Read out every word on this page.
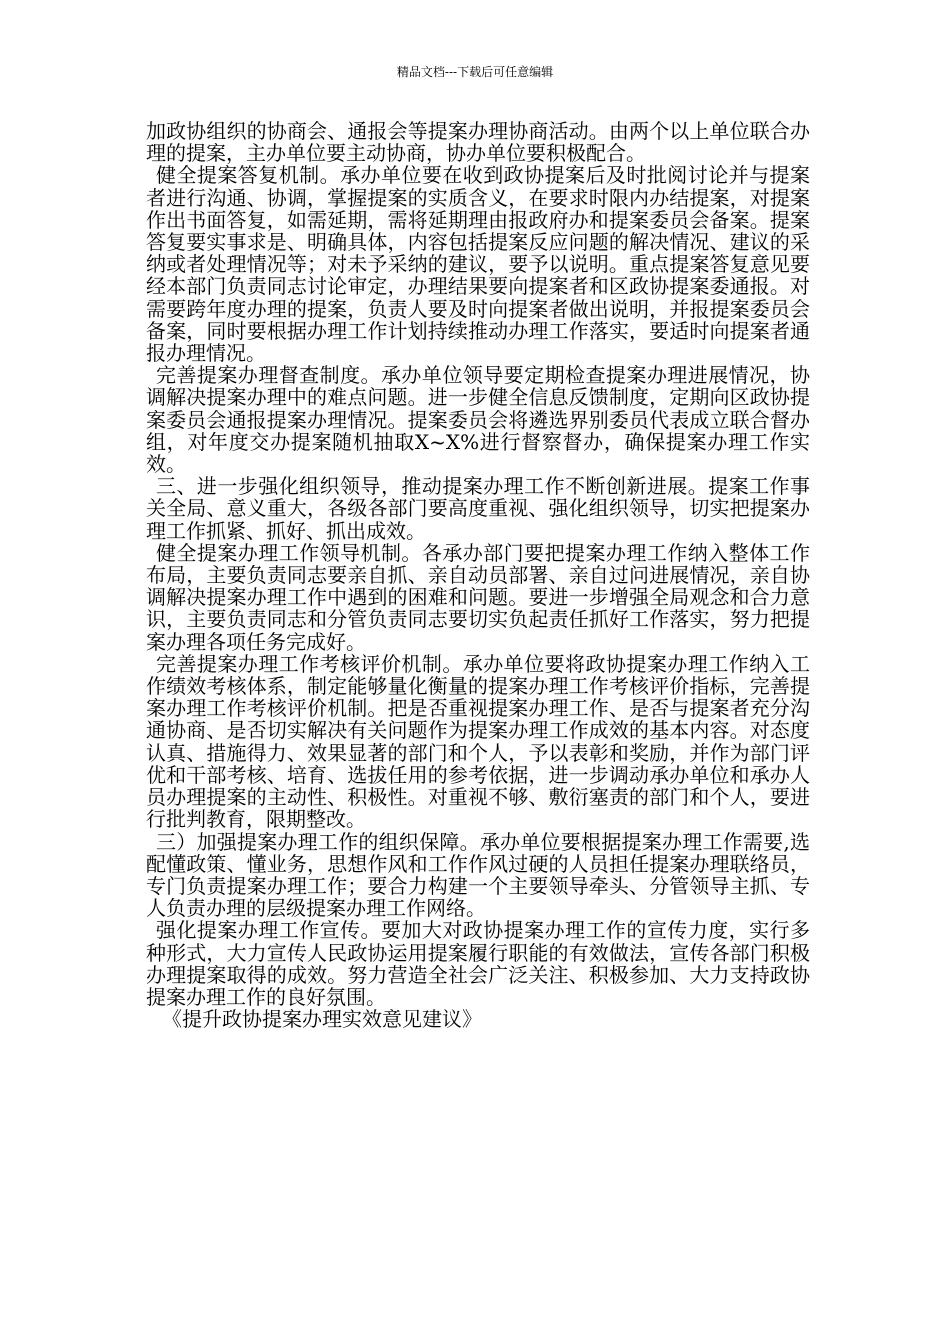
精品文档---下载后可任意编辑

加政协组织的协商会、通报会等提案办理协商活动。由两个以上单位联合办理的提案，主办单位要主动协商，协办单位要积极配合。

健全提案答复机制。承办单位要在收到政协提案后及时批阅讨论并与提案者进行沟通、协调，掌握提案的实质含义，在要求时限内办结提案，对提案作出书面答复，如需延期，需将延期理由报政府办和提案委员会备案。提案答复要实事求是、明确具体，内容包括提案反应问题的解决情况、建议的采纳或者处理情况等；对未予采纳的建议，要予以说明。重点提案答复意见要经本部门负责同志讨论审定，办理结果要向提案者和区政协提案委通报。对需要跨年度办理的提案，负责人要及时向提案者做出说明，并报提案委员会备案，同时要根据办理工作计划持续推动办理工作落实，要适时向提案者通报办理情况。

完善提案办理督查制度。承办单位领导要定期检查提案办理进展情况，协调解决提案办理中的难点问题。进一步健全信息反馈制度，定期向区政协提案委员会通报提案办理情况。提案委员会将遴选界别委员代表成立联合督办组，对年度交办提案随机抽取X~X%进行督察督办，确保提案办理工作实效。

三、进一步强化组织领导，推动提案办理工作不断创新进展。提案工作事关全局、意义重大，各级各部门要高度重视、强化组织领导，切实把提案办理工作抓紧、抓好、抓出成效。

健全提案办理工作领导机制。各承办部门要把提案办理工作纳入整体工作布局，主要负责同志要亲自抓、亲自动员部署、亲自过问进展情况，亲自协调解决提案办理工作中遇到的困难和问题。要进一步增强全局观念和合力意识，主要负责同志和分管负责同志要切实负起责任抓好工作落实，努力把提案办理各项任务完成好。

完善提案办理工作考核评价机制。承办单位要将政协提案办理工作纳入工作绩效考核体系，制定能够量化衡量的提案办理工作考核评价指标，完善提案办理工作考核评价机制。把是否重视提案办理工作、是否与提案者充分沟通协商、是否切实解决有关问题作为提案办理工作成效的基本内容。对态度认真、措施得力、效果显著的部门和个人，予以表彰和奖励，并作为部门评优和干部考核、培育、选拔任用的参考依据，进一步调动承办单位和承办人员办理提案的主动性、积极性。对重视不够、敷衍塞责的部门和个人，要进行批判教育，限期整改。

三）加强提案办理工作的组织保障。承办单位要根据提案办理工作需要,选配懂政策、懂业务，思想作风和工作作风过硬的人员担任提案办理联络员，专门负责提案办理工作；要合力构建一个主要领导牵头、分管领导主抓、专人负责办理的层级提案办理工作网络。

强化提案办理工作宣传。要加大对政协提案办理工作的宣传力度，实行多种形式，大力宣传人民政协运用提案履行职能的有效做法，宣传各部门积极办理提案取得的成效。努力营造全社会广泛关注、积极参加、大力支持政协提案办理工作的良好氛围。

《提升政协提案办理实效意见建议》
